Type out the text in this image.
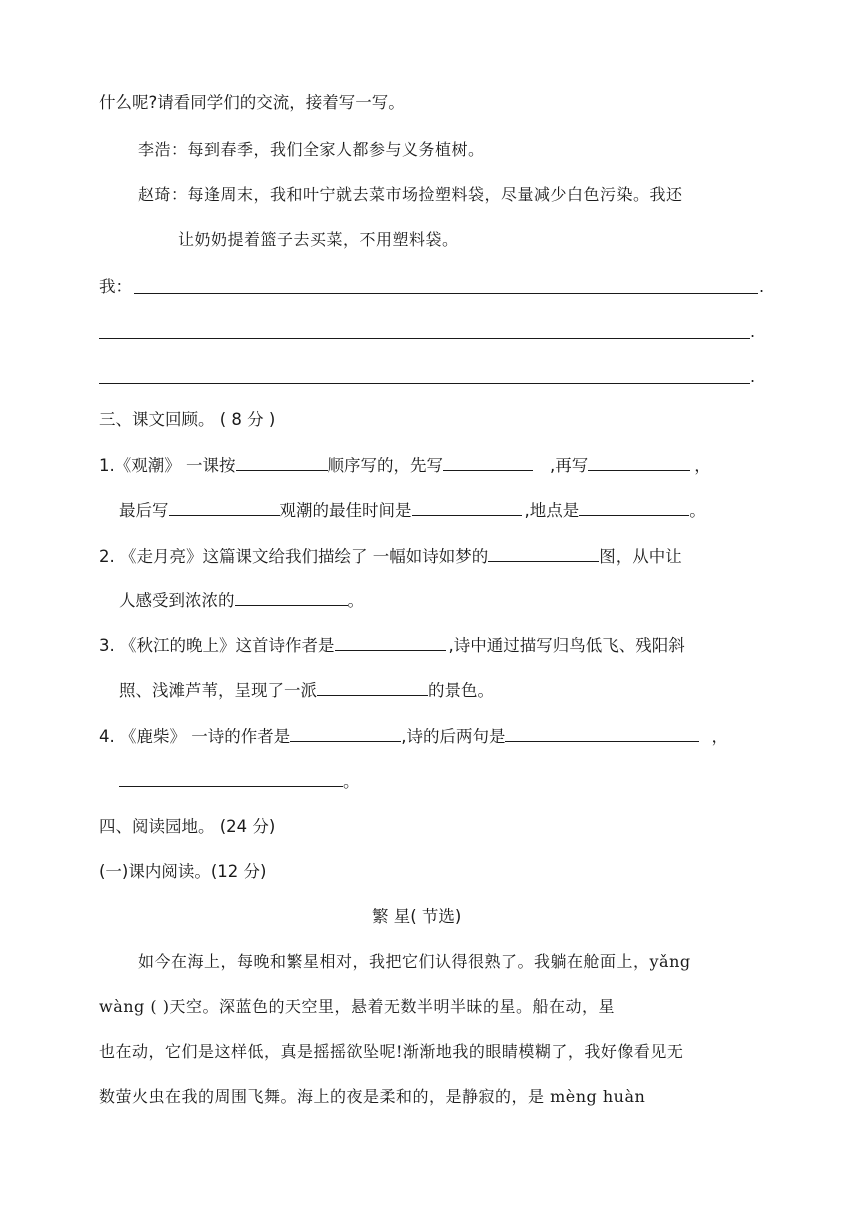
什么呢?请看同学们的交流，接着写一写。
李浩：每到春季，我们全家人都参与义务植树。
赵琦：每逢周末，我和叶宁就去菜市场捡塑料袋，尽量减少白色污染。我还
让奶奶提着篮子去买菜，不用塑料袋。
我：	.
.
.
三、课文回顾。 ( 8 分 )
1.《观潮》 一课按	顺序写的，先写	,再写	，
最后写	观潮的最佳时间是	,地点是	。
2. 《走月亮》这篇课文给我们描绘了 一幅如诗如梦的	图，从中让
人感受到浓浓的	。
3. 《秋江的晚上》这首诗作者是	,诗中通过描写归鸟低飞、残阳斜
照、浅滩芦苇，呈现了一派	的景色。
4. 《鹿柴》 一诗的作者是	,诗的后两句是	，
。
四、阅读园地。 (24 分)
(一)课内阅读。(12 分)
繁 星( 节选)
如今在海上，每晚和繁星相对，我把它们认得很熟了。我躺在舱面上，yǎng
wàng ( )天空。深蓝色的天空里，悬着无数半明半昧的星。船在动，星
也在动，它们是这样低，真是摇摇欲坠呢!渐渐地我的眼睛模糊了，我好像看见无
数萤火虫在我的周围飞舞。海上的夜是柔和的，是静寂的，是 mèng huàn
